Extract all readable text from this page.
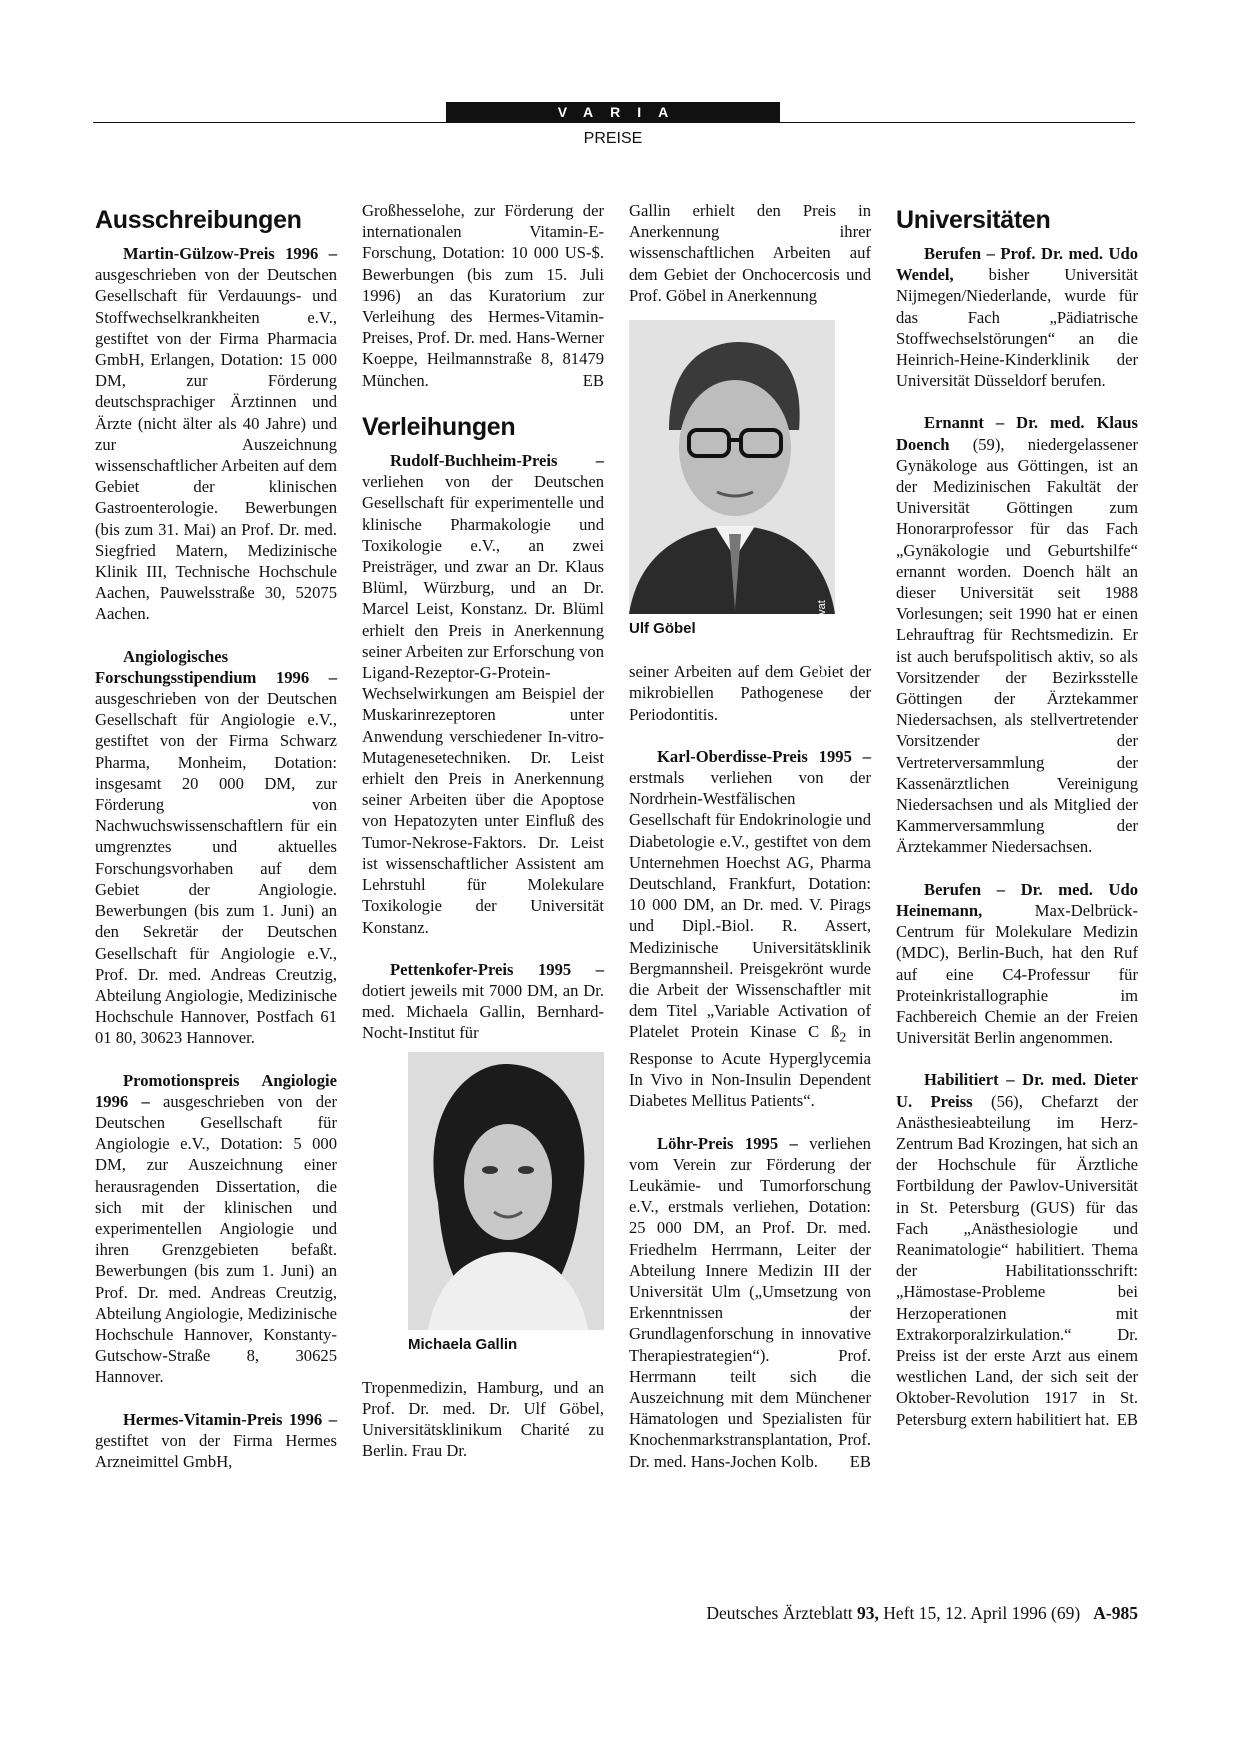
VARIA
PREISE
Ausschreibungen

Martin-Gülzow-Preis 1996 – ausgeschrieben von der Deutschen Gesellschaft für Verdauungs- und Stoffwechselkrankheiten e.V., gestiftet von der Firma Pharmacia GmbH, Erlangen, Dotation: 15 000 DM, zur Förderung deutschsprachiger Ärztinnen und Ärzte (nicht älter als 40 Jahre) und zur Auszeichnung wissenschaftlicher Arbeiten auf dem Gebiet der klinischen Gastroenterologie. Bewerbungen (bis zum 31. Mai) an Prof. Dr. med. Siegfried Matern, Medizinische Klinik III, Technische Hochschule Aachen, Pauwelsstraße 30, 52075 Aachen.

Angiologisches Forschungsstipendium 1996 – ausgeschrieben von der Deutschen Gesellschaft für Angiologie e.V., gestiftet von der Firma Schwarz Pharma, Monheim, Dotation: insgesamt 20 000 DM, zur Förderung von Nachwuchswissenschaftlern für ein umgrenztes und aktuelles Forschungsvorhaben auf dem Gebiet der Angiologie. Bewerbungen (bis zum 1. Juni) an den Sekretär der Deutschen Gesellschaft für Angiologie e.V., Prof. Dr. med. Andreas Creutzig, Abteilung Angiologie, Medizinische Hochschule Hannover, Postfach 61 01 80, 30623 Hannover.

Promotionspreis Angiologie 1996 – ausgeschrieben von der Deutschen Gesellschaft für Angiologie e.V., Dotation: 5 000 DM, zur Auszeichnung einer herausragenden Dissertation, die sich mit der klinischen und experimentellen Angiologie und ihren Grenzgebieten befaßt. Bewerbungen (bis zum 1. Juni) an Prof. Dr. med. Andreas Creutzig, Abteilung Angiologie, Medizinische Hochschule Hannover, Konstanty-Gutschow-Straße 8, 30625 Hannover.

Hermes-Vitamin-Preis 1996 – gestiftet von der Firma Hermes Arzneimittel GmbH,

Großhesselohe, zur Förderung der internationalen Vitamin-E-Forschung, Dotation: 10 000 US-$. Bewerbungen (bis zum 15. Juli 1996) an das Kuratorium zur Verleihung des Hermes-Vitamin-Preises, Prof. Dr. med. Hans-Werner Koeppe, Heilmannstraße 8, 81479 München.	EB

Verleihungen

Rudolf-Buchheim-Preis – verliehen von der Deutschen Gesellschaft für experimentelle und klinische Pharmakologie und Toxikologie e.V., an zwei Preisträger, und zwar an Dr. Klaus Blüml, Würzburg, und an Dr. Marcel Leist, Konstanz. Dr. Blüml erhielt den Preis in Anerkennung seiner Arbeiten zur Erforschung von Ligand-Rezeptor-G-Protein-Wechselwirkungen am Beispiel der Muskarinrezeptoren unter Anwendung verschiedener In-vitro-Mutagenesetechniken. Dr. Leist erhielt den Preis in Anerkennung seiner Arbeiten über die Apoptose von Hepatozyten unter Einfluß des Tumor-Nekrose-Faktors. Dr. Leist ist wissenschaftlicher Assistent am Lehrstuhl für Molekulare Toxikologie der Universität Konstanz.

Pettenkofer-Preis 1995 – dotiert jeweils mit 7000 DM, an Dr. med. Michaela Gallin, Bernhard-Nocht-Institut für

Michaela Gallin

Tropenmedizin, Hamburg, und an Prof. Dr. med. Dr. Ulf Göbel, Universitätsklinikum Charité zu Berlin. Frau Dr.

Gallin erhielt den Preis in Anerkennung ihrer wissenschaftlichen Arbeiten auf dem Gebiet der Onchocercosis und Prof. Göbel in Anerkennung

Fotos (2): privat
Ulf Göbel

seiner Arbeiten auf dem Gebiet der mikrobiellen Pathogenese der Periodontitis.

Karl-Oberdisse-Preis 1995 – erstmals verliehen von der Nordrhein-Westfälischen Gesellschaft für Endokrinologie und Diabetologie e.V., gestiftet von dem Unternehmen Hoechst AG, Pharma Deutschland, Frankfurt, Dotation: 10 000 DM, an Dr. med. V. Pirags und Dipl.-Biol. R. Assert, Medizinische Universitätsklinik Bergmannsheil. Preisgekrönt wurde die Arbeit der Wissenschaftler mit dem Titel „Variable Activation of Platelet Protein Kinase C $ß_2$ in Response to Acute Hyperglycemia In Vivo in Non-Insulin Dependent Diabetes Mellitus Patients“.

Löhr-Preis 1995 – verliehen vom Verein zur Förderung der Leukämie- und Tumorforschung e.V., erstmals verliehen, Dotation: 25 000 DM, an Prof. Dr. med. Friedhelm Herrmann, Leiter der Abteilung Innere Medizin III der Universität Ulm („Umsetzung von Erkenntnissen der Grundlagenforschung in innovative Therapiestrategien“). Prof. Herrmann teilt sich die Auszeichnung mit dem Münchener Hämatologen und Spezialisten für Knochenmarkstransplantation, Prof. Dr. med. Hans-Jochen Kolb.	EB

Universitäten

Berufen – Prof. Dr. med. Udo Wendel, bisher Universität Nijmegen/Niederlande, wurde für das Fach „Pädiatrische Stoffwechselstörungen“ an die Heinrich-Heine-Kinderklinik der Universität Düsseldorf berufen.

Ernannt – Dr. med. Klaus Doench (59), niedergelassener Gynäkologe aus Göttingen, ist an der Medizinischen Fakultät der Universität Göttingen zum Honorarprofessor für das Fach „Gynäkologie und Geburtshilfe“ ernannt worden. Doench hält an dieser Universität seit 1988 Vorlesungen; seit 1990 hat er einen Lehrauftrag für Rechtsmedizin. Er ist auch berufspolitisch aktiv, so als Vorsitzender der Bezirksstelle Göttingen der Ärztekammer Niedersachsen, als stellvertretender Vorsitzender der Vertreterversammlung der Kassenärztlichen Vereinigung Niedersachsen und als Mitglied der Kammerversammlung der Ärztekammer Niedersachsen.

Berufen – Dr. med. Udo Heinemann, Max-Delbrück-Centrum für Molekulare Medizin (MDC), Berlin-Buch, hat den Ruf auf eine C4-Professur für Proteinkristallographie im Fachbereich Chemie an der Freien Universität Berlin angenommen.

Habilitiert – Dr. med. Dieter U. Preiss (56), Chefarzt der Anästhesieabteilung im Herz-Zentrum Bad Krozingen, hat sich an der Hochschule für Ärztliche Fortbildung der Pawlov-Universität in St. Petersburg (GUS) für das Fach „Anästhesiologie und Reanimatologie“ habilitiert. Thema der Habilitationsschrift: „Hämostase-Probleme bei Herzoperationen mit Extrakorporalzirkulation.“ Dr. Preiss ist der erste Arzt aus einem westlichen Land, der sich seit der Oktober-Revolution 1917 in St. Petersburg extern habilitiert hat. EB

Deutsches Ärzteblatt 93, Heft 15, 12. April 1996 (69) A-985
